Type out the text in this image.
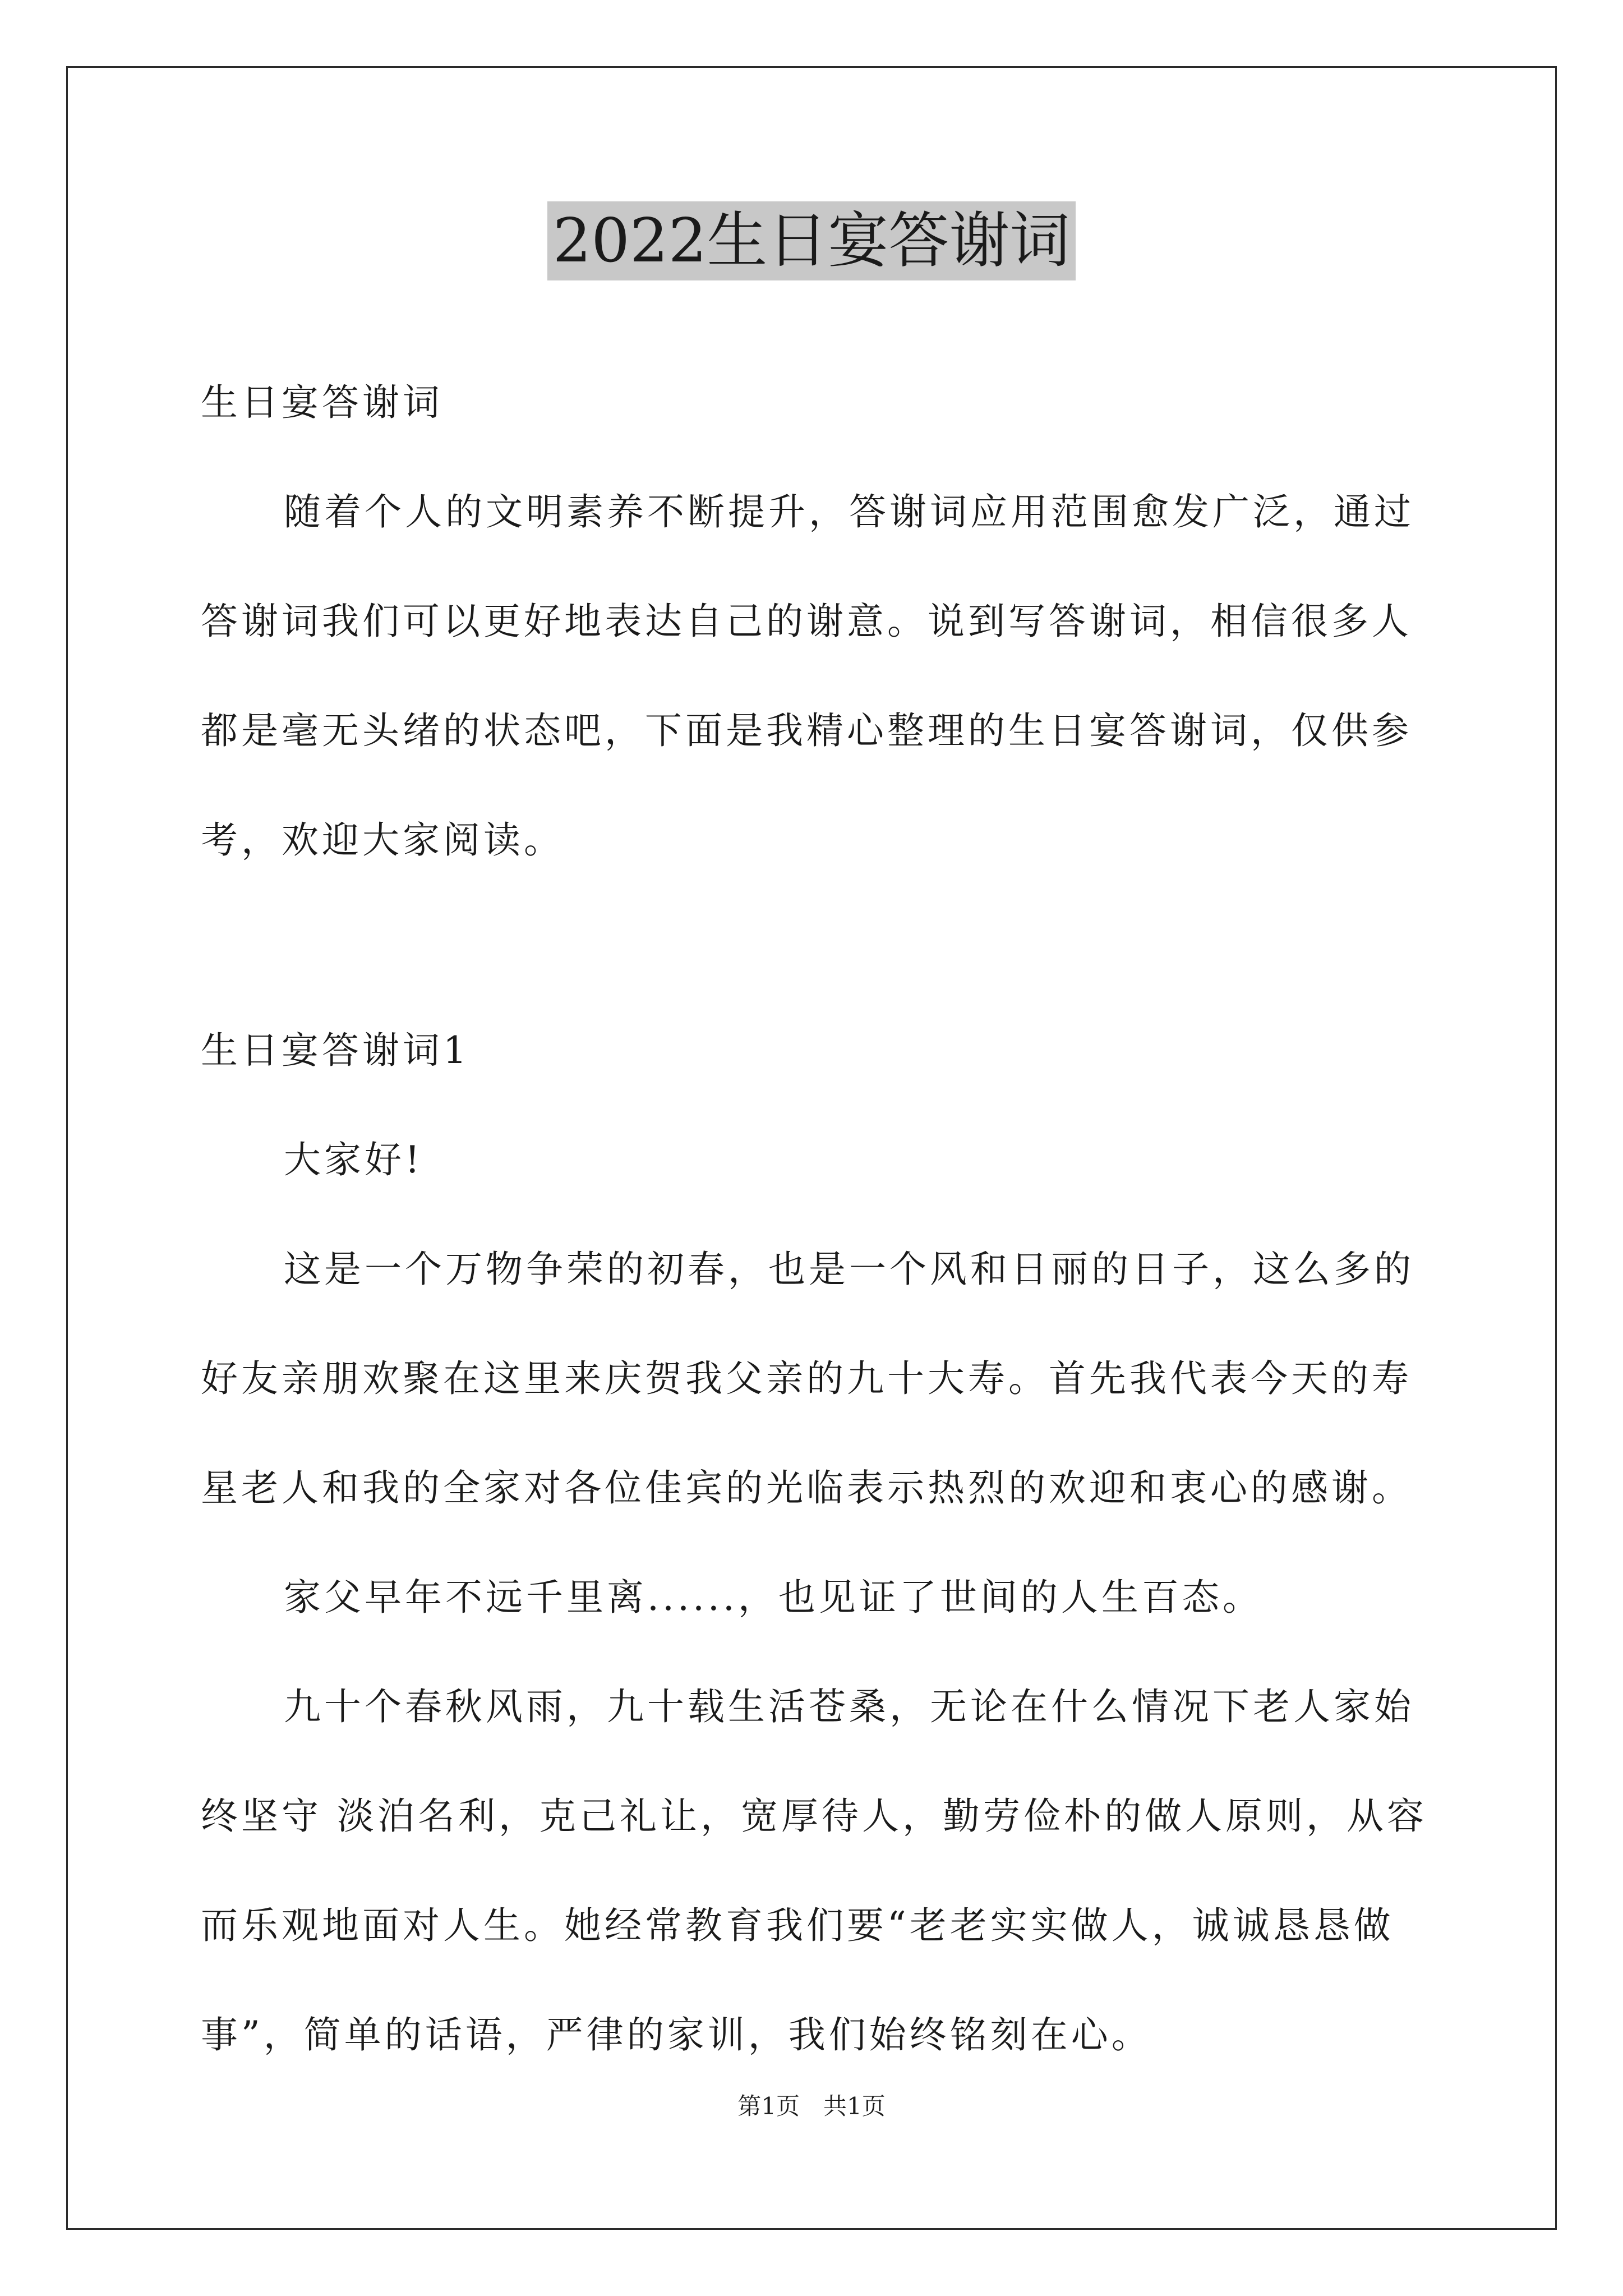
2022生日宴答谢词

生日宴答谢词

随着个人的文明素养不断提升，答谢词应用范围愈发广泛，通过答谢词我们可以更好地表达自己的谢意。说到写答谢词，相信很多人都是毫无头绪的状态吧，下面是我精心整理的生日宴答谢词，仅供参考，欢迎大家阅读。

生日宴答谢词1

大家好!

这是一个万物争荣的初春，也是一个风和日丽的日子，这么多的好友亲朋欢聚在这里来庆贺我父亲的九十大寿。首先我代表今天的寿星老人和我的全家对各位佳宾的光临表示热烈的欢迎和衷心的感谢。

家父早年不远千里离......，也见证了世间的人生百态。

九十个春秋风雨，九十载生活苍桑，无论在什么情况下老人家始终坚守 淡泊名利，克己礼让，宽厚待人，勤劳俭朴的做人原则，从容而乐观地面对人生。她经常教育我们要“老老实实做人，诚诚恳恳做事”，简单的话语，严律的家训，我们始终铭刻在心。

第1页　共1页
